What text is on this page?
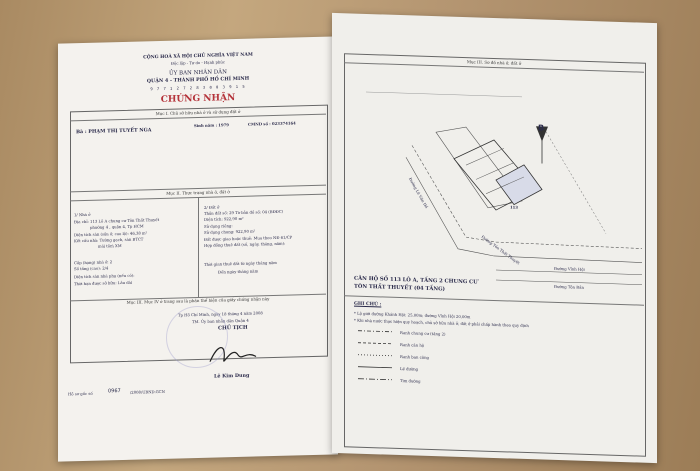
CỘNG HOÀ XÃ HỘI CHỦ NGHĨA VIỆT NAM
Độc lập - Tự do - Hạnh phúc
ỦY BAN NHÂN DÂN
QUẬN 4 - THÀNH PHỐ HỒ CHÍ MINH
9 7 7 1 2 7 2 8 3 0 0 3 9 1 5
CHỨNG NHẬN
Mục I. Chủ sở hữu nhà ở và sử dụng đất ở
Bà : PHẠM THỊ TUYẾT NGA
Sinh năm : 1979	CMND số : 023374164
Mục II. Thực trạng nhà ở, đất ở
1/ Nhà ở
Địa chỉ: 113 Lô A chung cư Tôn Thất Thuyết
phường 4 , quận 4, Tp HCM
Diện tích sàn (sửa ở, cao lộ): 46,38 m²
Kết cấu nhà: Tường gạch, sàn BTCT
mái tôn\ XM
Cấp (hạng) nhà ở: 2
Số tầng (cao): 2/4
Diện tích sàn nhà phụ (nếu có):
Thời hạn được sở hữu: Lâu dài
2/ Đất ở
Thửa đất số: 29 Tờ bản đồ số: 04 (BĐĐC)
Diện tích: 922,90 m²
Sử dụng riêng:
Sử dụng chung: 922,90 m²
Đất được giao hoặc thuê: Mua theo NĐ 61/CP
Hợp đồng thuê đất (số, ngày, tháng, năm):
Thời gian thuê đất từ ngày tháng năm
Đến ngày tháng năm
Mục III. Mục IV ở trang sau là phần thể hiện của giấy chứng nhận này
Tp Hồ Chí Minh, ngày 18 tháng 4 năm 2008
TM. Ủy ban nhân dân Quận 4
CHỦ TỊCH
Lê Kim Dung
Hồ sơ gốc số	0967 /2008/UBND.GCN
Mục III. Sơ đồ nhà ở, đất ở
B
113
Đường Vĩnh Hội
Đường Tôn Đản
Đường Lê Văn Hồ
Đường Tôn Thất Thuyết
CĂN HỘ SỐ 113 LÔ A, TẦNG 2 CHUNG CƯ
TÔN THẤT THUYẾT (04 TẦNG)
GHI CHÚ :
* Lộ giới đường Khánh Hội: 25,00m; đường Vĩnh Hội 20,00m
* Khi nhà nước thực hiện quy hoạch, chủ sở hữu nhà ở, đất ở phải chấp hành theo quy định
Ranh chung cư (tầng 2)
Ranh căn hộ
Ranh ban công
Lề đường
Tim đường
